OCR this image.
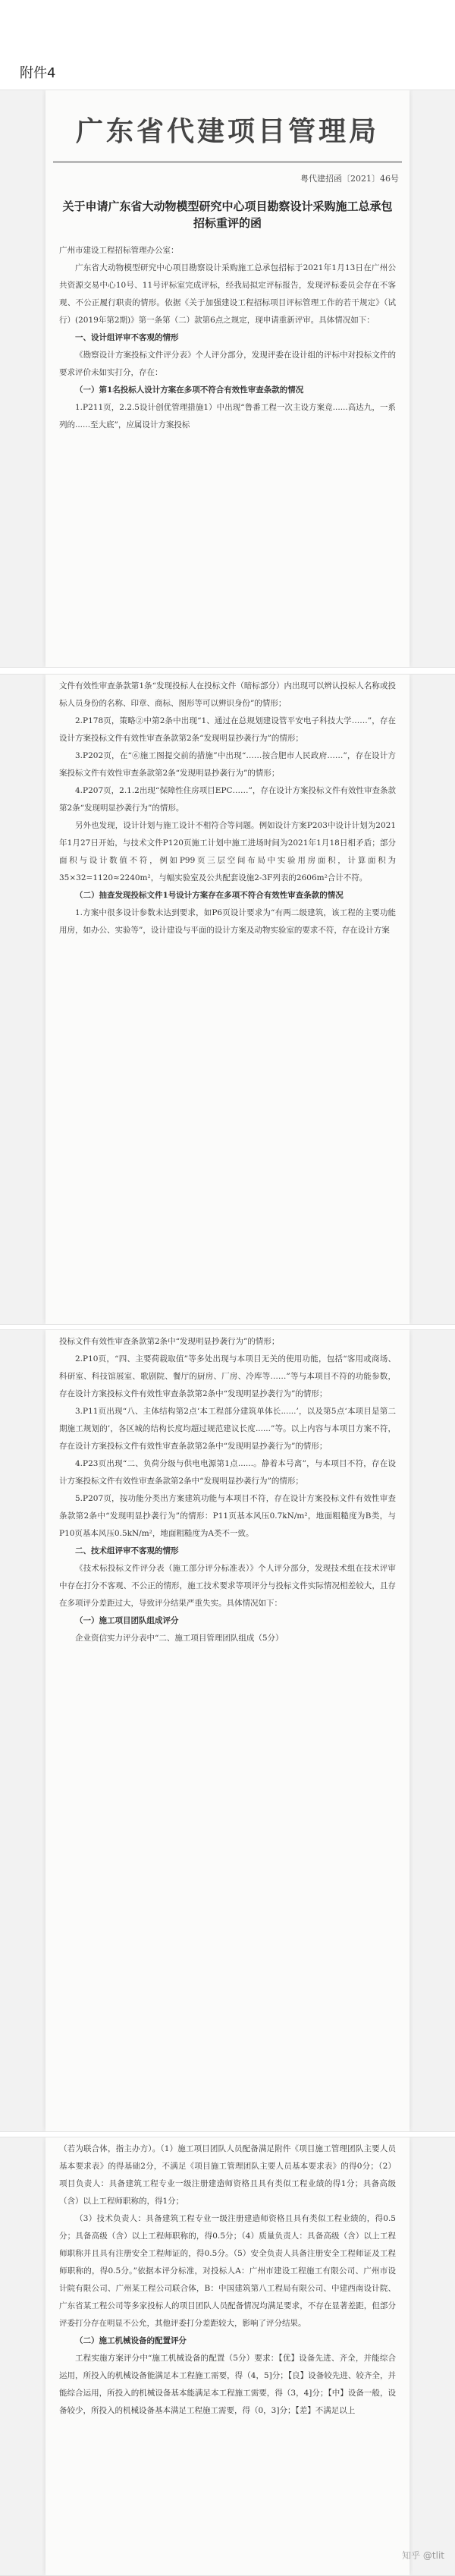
附件4
广东省代建项目管理局
粤代建招函〔2021〕46号
关于申请广东省大动物模型研究中心项目勘察设计采购施工总承包招标重评的函

广州市建设工程招标管理办公室：

广东省大动物模型研究中心项目勘察设计采购施工总承包招标于2021年1月13日在广州公共资源交易中心10号、11号评标室完成评标，经我局拟定评标报告，发现评标委员会存在不客观、不公正履行职责的情形。依据《关于加强建设工程招标项目评标管理工作的若干规定》（试行）(2019年第2期)》第一条第（二）款第6点之规定，现申请重新评审。具体情况如下：

一、设计组评审不客观的情形

《勘察设计方案投标文件评分表》个人评分部分，发现评委在设计组的评标中对投标文件的要求评价未如实打分，存在：

（一）第1名投标人设计方案在多项不符合有效性审查条款的情况

1.P211页，2.2.5设计创优管理措施1）中出现“鲁番工程一次主设方案竟......高达九，一系列的......至大底”，应属设计方案投标

文件有效性审查条款第1条“发现投标人在投标文件（暗标部分）内出现可以辨认投标人名称或投标人员身份的名称、印章、商标、图形等可以辨识身份”的情形；

2.P178页，策略②中第2条中出现“1、通过在总规划建设管平安电子科技大学……”，存在设计方案投标文件有效性审查条款第2条“发现明显抄袭行为”的情形；

3.P202页，在“⑥施工图提交前的措施”中出现“……按合肥市人民政府……”，存在设计方案投标文件有效性审查条款第2条“发现明显抄袭行为”的情形；

4.P207页，2.1.2出现“保障性住房项目EPC……”，存在设计方案投标文件有效性审查条款第2条“发现明显抄袭行为”的情形。

另外也发现，设计计划与施工设计不相符合等问题。例如设计方案P203中设计计划为2021年1月27日开始，与技术文件P120页施工计划中施工进场时间为2021年1月18日相矛盾；部分面积与设计数值不符，例如P99页三层空间布局中实验用房面积，计算面积为35×32=1120≈2240m²，与幅实验室及公共配套设施2-3F列表的2606m²合计不符。

（二）抽查发现投标文件1号设计方案存在多项不符合有效性审查条款的情况

1.方案中很多设计参数未达到要求，如P6页设计要求为“有两二级建筑，该工程的主要功能用房，如办公、实验等”，设计建设与平面的设计方案及动物实验室的要求不符，存在设计方案

投标文件有效性审查条款第2条中“发现明显抄袭行为”的情形；

2.P10页，“四、主要荷载取值”等多处出现与本项目无关的使用功能，包括“客用或商场、科研室、科技馆展室、歌剧院、餐厅的厨房、厂房、冷库等……”等与本项目不符的功能参数，存在设计方案投标文件有效性审查条款第2条中“发现明显抄袭行为”的情形；

3.P11页出现“八、主体结构第2点‘本工程部分建筑单体长......’，以及第5点‘本项目是第二期施工规划的’，各区城的结构长度均超过规范建议长度......”等。以上内容与本项目方案不符，存在设计方案投标文件有效性审查条款第2条中“发现明显抄袭行为”的情形；

4.P23页出现“二、负荷分级与供电电源第1点......。静着本号离”，与本项目不符，存在设计方案投标文件有效性审查条款第2条中“发现明显抄袭行为”的情形；

5.P207页，按功能分类出方案建筑功能与本项目不符，存在设计方案投标文件有效性审查条款第2条中“发现明显抄袭行为”的情形：P11页基本风压0.7kN/m²，地面粗糙度为B类，与P10页基本风压0.5kN/m²，地面粗糙度为A类不一致。

二、技术组评审不客观的情形

《技术标投标文件评分表（施工部分评分标准表）》个人评分部分，发现技术组在技术评审中存在打分不客观、不公正的情形，施工技术要求等项评分与投标文件实际情况相差较大，且存在多项评分差距过大，导致评分结果严重失实。具体情况如下：

（一）施工项目团队组成评分

企业资信实力评分表中“二、施工项目管理团队组成（5分）

（若为联合体，指主办方）。（1）施工项目团队人员配备满足附件《项目施工管理团队主要人员基本要求表》的得基础2分，不满足《项目施工管理团队主要人员基本要求表》的得0分；（2）项目负责人：具备建筑工程专业一级注册建造师资格且具有类似工程业绩的得1分；具备高级（含）以上工程师职称的，得1分；

（3）技术负责人：具备建筑工程专业一级注册建造师资格且具有类似工程业绩的，得0.5分；具备高级（含）以上工程师职称的，得0.5分；（4）质量负责人：具备高级（含）以上工程师职称并且具有注册安全工程师证的，得0.5分。（5）安全负责人具备注册安全工程师证及工程师职称的，得0.5分。”依据本评分标准，对投标人A：广州市建设工程施工有限公司、广州市设计院有限公司、广州某工程公司联合体，B：中国建筑第八工程局有限公司、中建西南设计院、广东省某工程公司等多家投标人的项目团队人员配备情况均满足要求，不存在显著差距，但部分评委打分存在明显不公允，其他评委打分差距较大，影响了评分结果。

（二）施工机械设备的配置评分

工程实施方案评分中“施工机械设备的配置（5分）要求：【优】设备先进、齐全，并能综合运用，所投入的机械设备能满足本工程施工需要，得（4，5]分；【良】设备较先进、较齐全，并能综合运用，所投入的机械设备基本能满足本工程施工需要，得（3，4]分；【中】设备一般，设备较少，所投入的机械设备基本满足工程施工需要，得（0，3]分；【差】不满足以上

知乎 @tlit
